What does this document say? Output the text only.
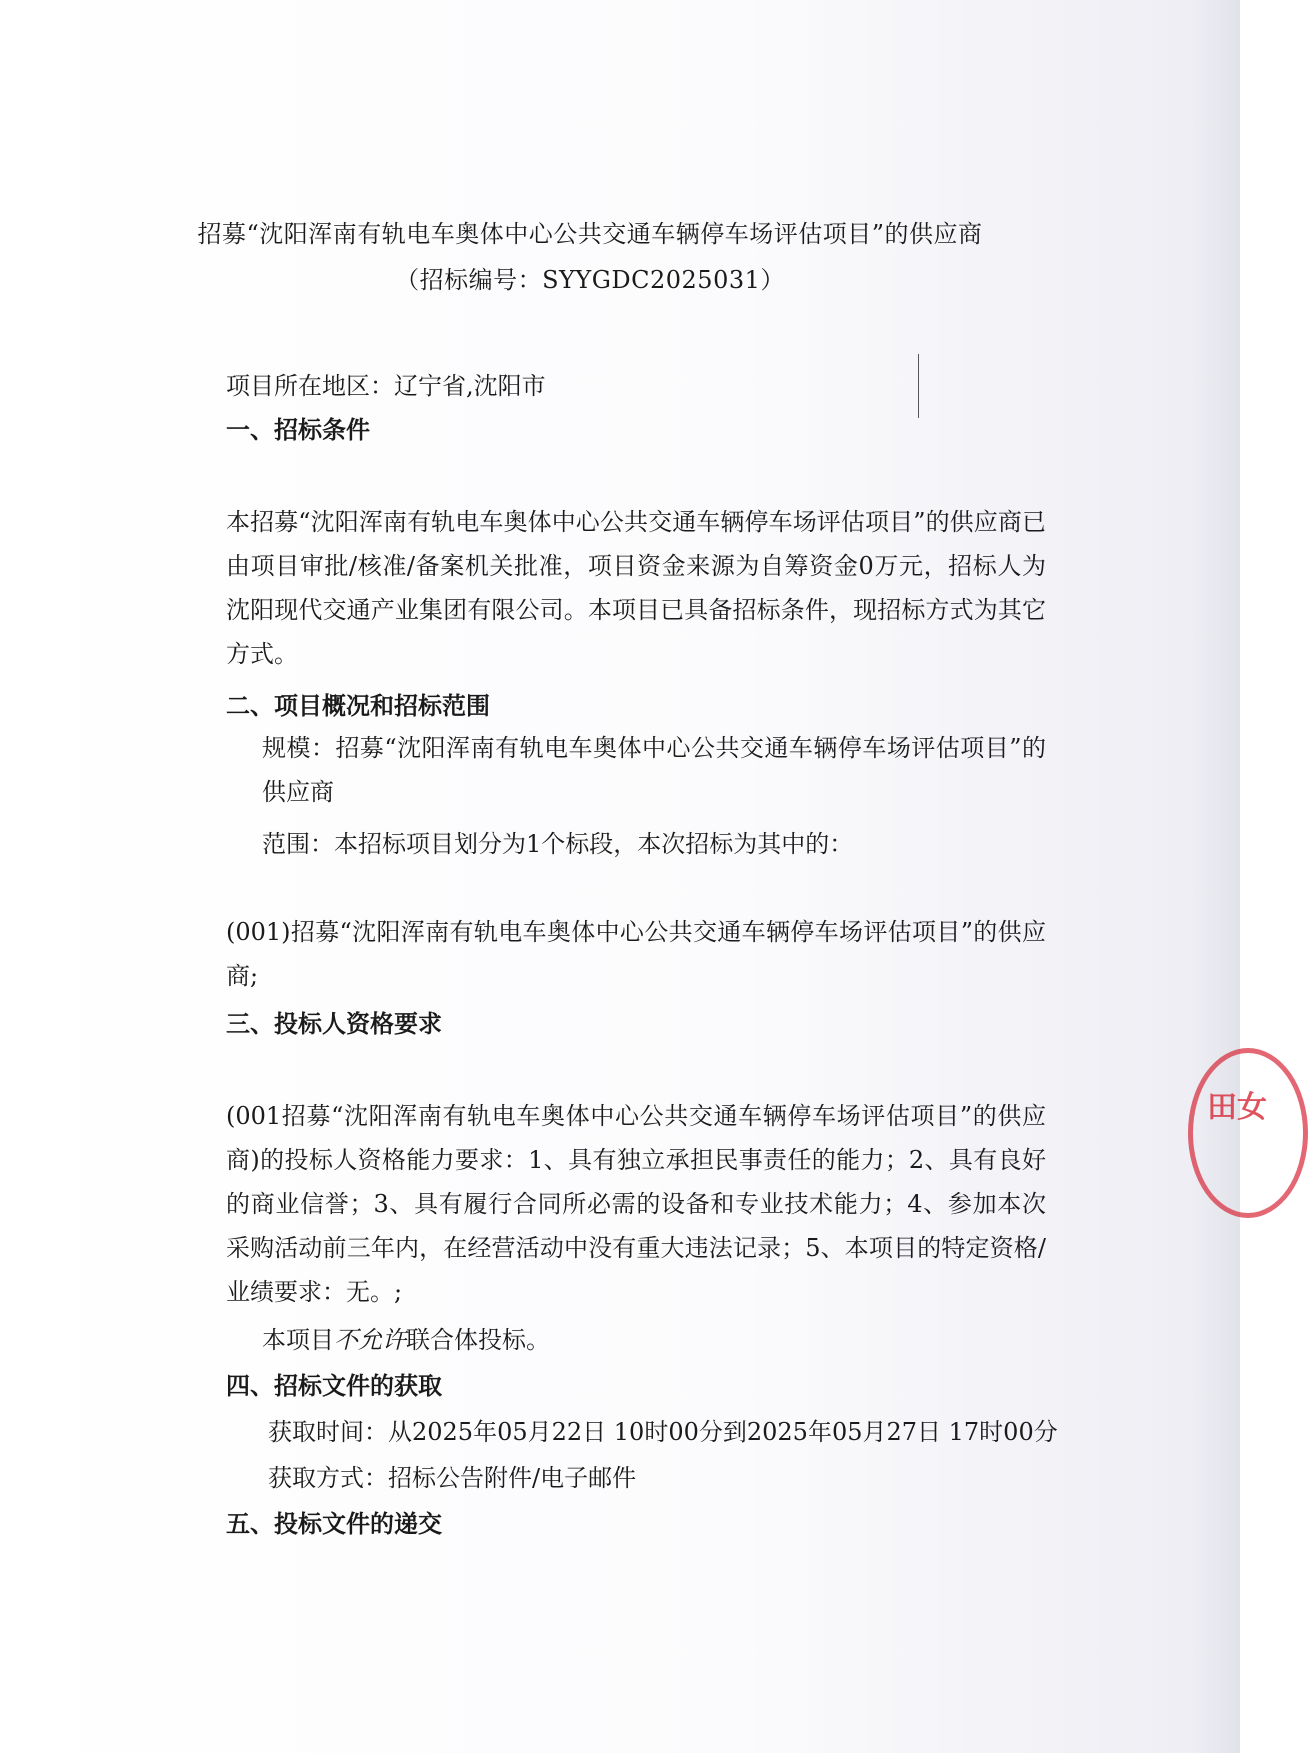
招募“沈阳浑南有轨电车奥体中心公共交通车辆停车场评估项目”的供应商

（招标编号：SYYGDC2025031）

项目所在地区：辽宁省,沈阳市

一、招标条件

本招募“沈阳浑南有轨电车奥体中心公共交通车辆停车场评估项目”的供应商已由项目审批/核准/备案机关批准，项目资金来源为自筹资金0万元，招标人为沈阳现代交通产业集团有限公司。本项目已具备招标条件，现招标方式为其它方式。

二、项目概况和招标范围

规模：招募“沈阳浑南有轨电车奥体中心公共交通车辆停车场评估项目”的供应商

范围：本招标项目划分为1个标段，本次招标为其中的：

(001)招募“沈阳浑南有轨电车奥体中心公共交通车辆停车场评估项目”的供应商;

三、投标人资格要求

(001招募“沈阳浑南有轨电车奥体中心公共交通车辆停车场评估项目”的供应商)的投标人资格能力要求：1、具有独立承担民事责任的能力；2、具有良好的商业信誉；3、具有履行合同所必需的设备和专业技术能力；4、参加本次采购活动前三年内，在经营活动中没有重大违法记录；5、本项目的特定资格/业绩要求：无。;

本项目不允许联合体投标。

四、招标文件的获取

获取时间：从2025年05月22日 10时00分到2025年05月27日 17时00分

获取方式：招标公告附件/电子邮件

五、投标文件的递交

田女
